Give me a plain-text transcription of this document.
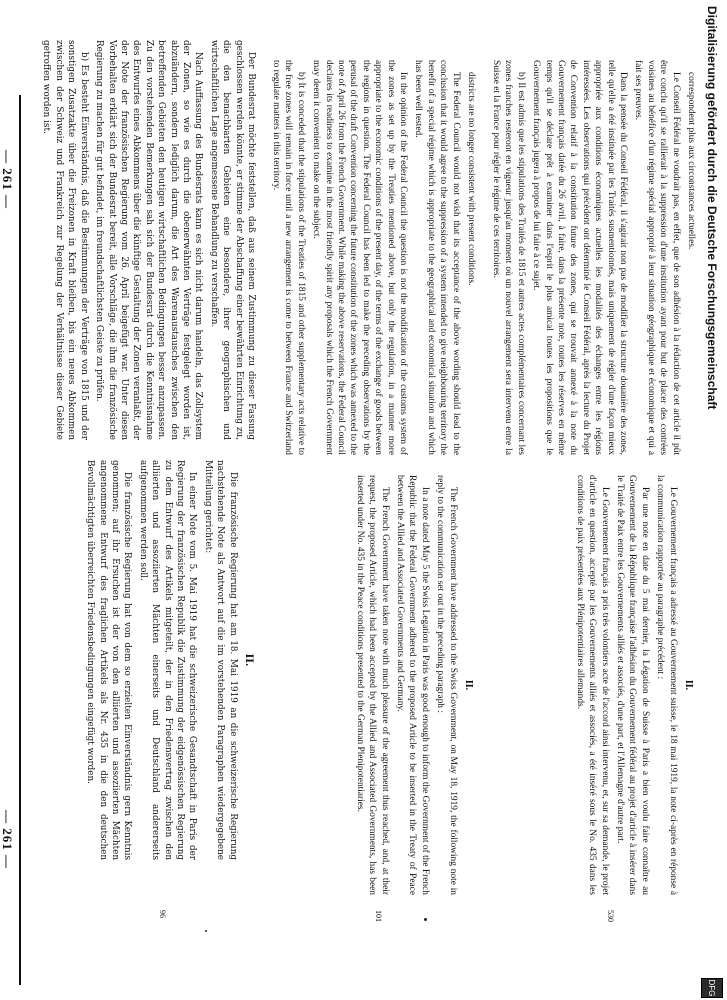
Digitalisierung gefördert durch die Deutsche Forschungsgemeinschaft
DFG
— 261 —
— 261 —

Der Bundesrat möchte feststellen, daß aus seinem Zustimmung zu dieser Fassung geschlossen werden könnte, er stimme der Abschaffung einer bewährten Einrichtung zu, die den benachbarten Gebieten eine besondere, ihrer geographischen und wirtschaftlichen Lage angemessene Behandlung zu verschaffen.

Nach Auffassung des Bundesrats kann es sich nicht darum handeln, das Zollsystem der Zonen, so wie es durch die obenerwähnten Verträge festgelegt worden ist, abzuändern, sondern lediglich darum, die Art des Warenaustausches zwischen den betreffenden Gebieten den heutigen wirtschaftlichen Bedingungen besser anzupassen. Zu den vorstehenden Bemerkungen sah sich der Bundesrat durch die Kenntnisnahme des Entwurfes eines Abkommens über die künftige Gestaltung der Zonen veranlaßt, der der Note der französischen Regierung vom 26. April beigefügt war. Unter diesen Vorbehalten erklärt sich der Bundesrat bereit, alle Vorschläge, die ihm die französische Regierung zu machen für gut befindet, im freundschaftlichsten Geiste zu prüfen.

b) Es besteht Einverständnis, daß die Bestimmungen der Verträge von 1815 und der sonstigen Zusatzakte über die Freizonen in Kraft bleiben, bis ein neues Abkommen zwischen der Schweiz und Frankreich zur Regelung der Verhältnisse dieser Gebiete getroffen worden ist.

II.

Die französische Regierung hat am 18. Mai 1919 an die schweizerische Regierung nachstehende Note als Antwort auf die im vorstehenden Paragraphen wiedergegebene Mitteilung gerichtet:

In einer Note vom 5. Mai 1919 hat die schweizerische Gesandtschaft in Paris der Regierung der französischen Republik die Zustimmung der eidgenössischen Regierung zu dem Entwurf des Artikels mitgeteilt, der in den Friedensvertrag zwischen den alliierten und assoziierten Mächten einerseits und Deutschland andererseits aufgenommen werden soll.

Die französische Regierung hat von dem so erzielten Einverständnis gern Kenntnis genommen; auf ihr Ersuchen ist der von den alliierten und assoziierten Mächten angenommene Entwurf des fraglichen Artikels als Nr. 435 in die den deutschen Bevollmächtigten überreichten Friedensbedingungen eingefügt worden.

districts are no longer consistent with present conditions.

The Federal Council would not wish that its acceptance of the above wording should lead to the conclusion that it would agree to the suppression of a system intended to give neighbouring territory the benefit of a special régime which is appropriate to the geographical and economical situation and which has been well tested.

In the opinion of the Federal Council the question is not the modification of the customs system of the zones as set up by the Treaties mentioned above, but only the regulation, in a manner more appropriate to the economic conditions of the present day, of the terms of the exchange of goods between the regions in question. The Federal Council has been led to make the preceding observations by the perusal of the draft Convention concerning the future constitution of the zones which was annexed to the note of April 26 from the French Government. While making the above reservations, the Federal Council declares its readiness to examine in the most friendly spirit any proposals which the French Government may deem it convenient to make on the subject.

b) It is conceded that the stipulations of the Treaties of 1815 and other supplementary acts relative to the free zones will remain in force until a new arrangement is come to between France and Switzerland to regulate matters in this territory.

II.

The French Government have addressed to the Swiss Government, on May 18, 1919, the following note in reply to the communication set out in the preceding paragraph :

In a note dated May 5 the Swiss Legation in Paris was good enough to inform the Government of the French Republic that the Federal Government adhered to the proposed Article to be inserted in the Treaty of Peace between the Allied and Associated Governments and Germany.

The French Government have taken note with much pleasure of the agreement thus reached, and, at their request, the proposed Article, which had been accepted by the Allied and Associated Governments, has been inserted under No. 435 in the Peace conditions presented to the German Plenipotentiaries.

correspondent plus aux circonstances actuelles.

Le Conseil Fédéral ne voudrait pas, en effet, que de son adhésion à la rédaction de cet article il pût être conclu qu'il se rallierait à la suppression d'une institution ayant pour but de placer des contrées voisines au bénéfice d'un régime spécial approprié à leur situation géographique et économique et qui a fait ses preuves.

Dans la pensée du Conseil Fédéral, il s'agirait non pas de modifier la structure douanière des zones, telle qu'elle a été instituée par les Traités susmentionnés, mais uniquement de régler d'une façon mieux appropriée aux conditions économiques actuelles les modalités des échanges entre les régions intéressées. Les observations qui précèdent ont déterminé le Conseil Fédéral, après la lecture du Projet de Convention relatif à la constitution future des zones, qui se trouvait annexé à la note du Gouvernement français datée du 26 avril, à faire, dans la présente note, toutes les réserves en même temps qu'il se déclare prêt à examiner dans l'esprit le plus amical toutes les propositions que le Gouvernement français jugera à propos de lui faire à ce sujet.

b) Il est admis que les stipulations des Traités de 1815 et autres actes complémentaires concernant les zones franches resteront en vigueur jusqu'au moment où un nouvel arrangement sera intervenu entre la Suisse et la France pour régler le régime de ces territoires.

II.

Le Gouvernement français a adressé au Gouvernement suisse, le 18 mai 1919, la note ci-après en réponse à la communication rapportée au paragraphe précédent :

Par une note en date du 5 mai dernier, la Légation de Suisse à Paris a bien voulu faire connaître au Gouvernement de la République française l'adhésion du Gouvernement fédéral au projet d'article à insérer dans le Traité de Paix entre les Gouvernements alliés et associés, d'une part, et l'Allemagne d'autre part.

Le Gouvernement français a pris très volontiers acte de l'accord ainsi intervenu, et, sur sa demande, le projet d'article en question, accepté par les Gouvernements alliés et associés, a été inséré sous le No. 435 dans les conditions de paix présentées aux Plénipotentiaires allemands.

530
101
96
